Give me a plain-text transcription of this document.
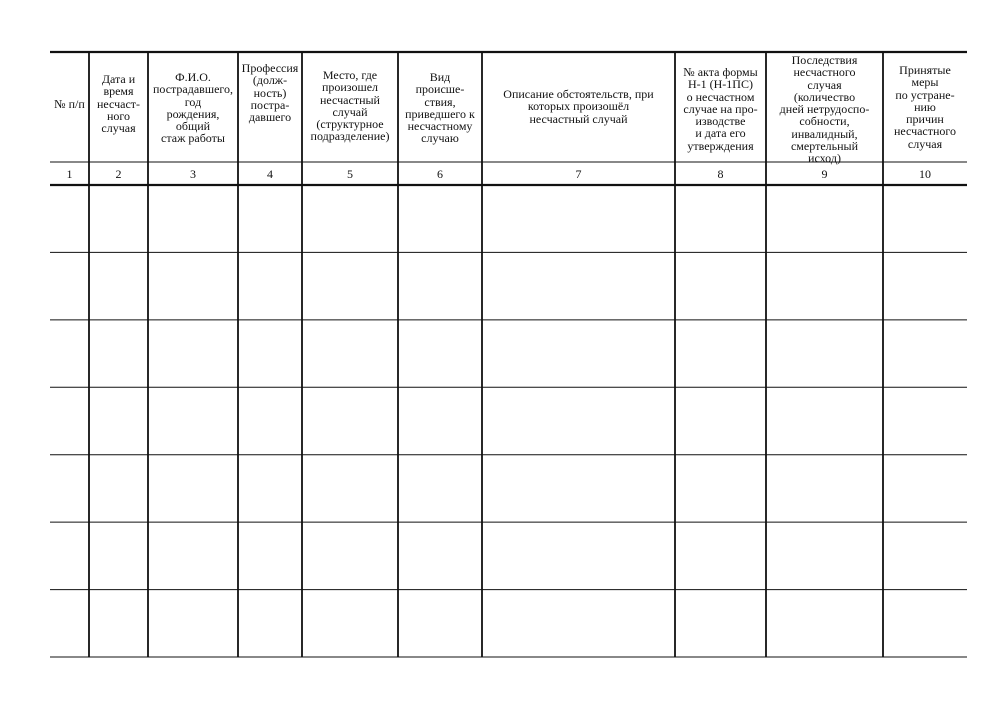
№ п/п
1
Дата и
время
несчаст-
ного
случая
2
Ф.И.О.
пострадавшего,
год
рождения,
общий
стаж работы
3
Профессия
(долж-
ность)
постра-
давшего
4
Место, где
произошел
несчастный
случай
(структурное
подразделение)
5
Вид
происше-
ствия,
приведшего к
несчастному
случаю
6
Описание обстоятельств, при
которых произошёл
несчастный случай
7
№ акта формы
Н-1 (Н-1ПС)
о несчастном
случае на про-
изводстве
и дата его
утверждения
8
Последствия
несчастного
случая
(количество
дней нетрудоспо-
собности,
инвалидный,
смертельный
исход)
9
Принятые
меры
по устране-
нию
причин
несчастного
случая
10
